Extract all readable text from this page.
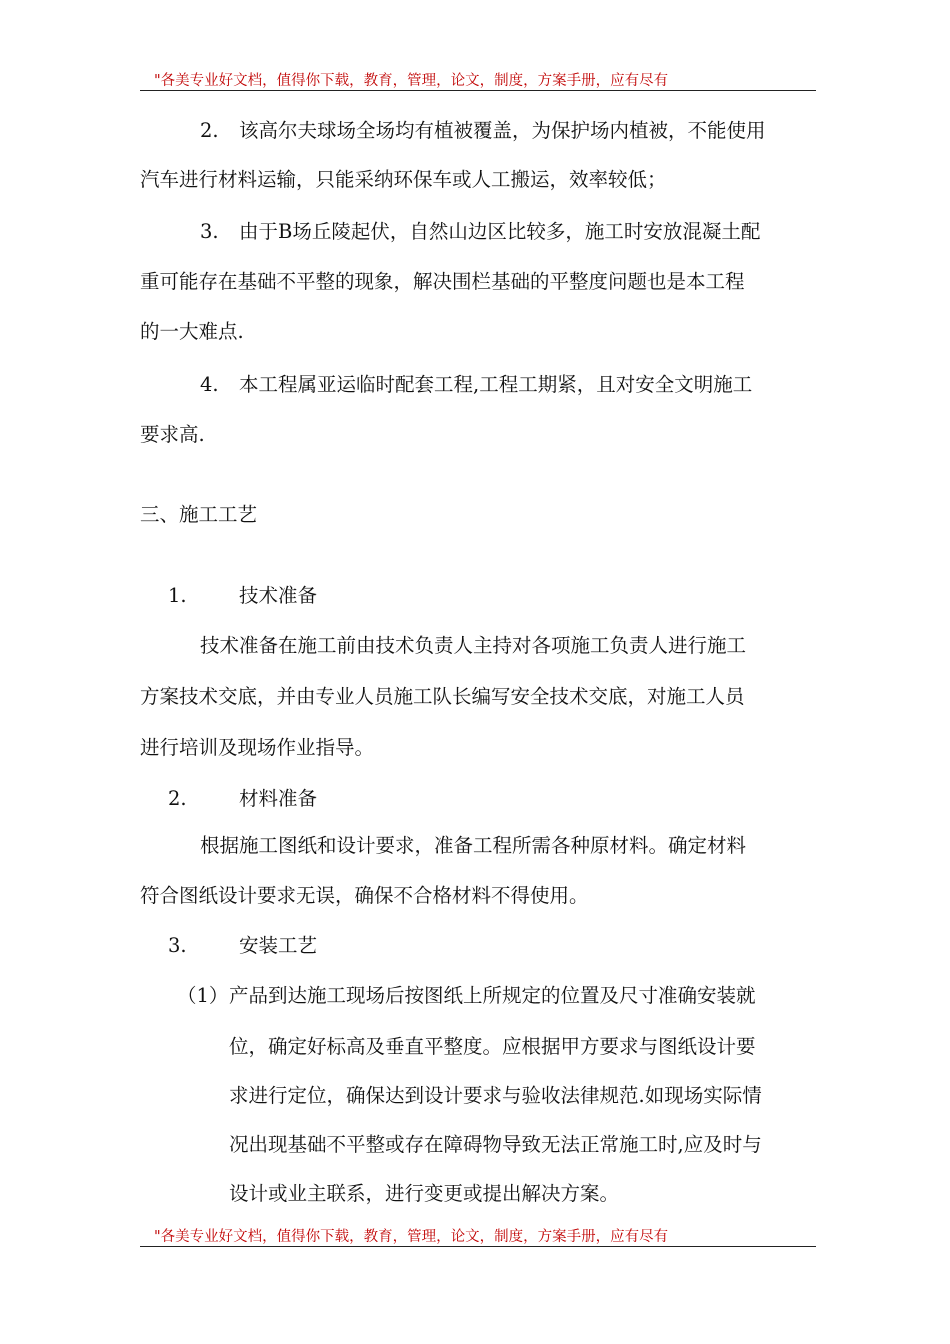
"各美专业好文档，值得你下载，教育，管理，论文，制度，方案手册，应有尽有
2. 该高尔夫球场全场均有植被覆盖，为保护场内植被，不能使用
汽车进行材料运输，只能采纳环保车或人工搬运，效率较低；
3. 由于B场丘陵起伏，自然山边区比较多，施工时安放混凝土配
重可能存在基础不平整的现象，解决围栏基础的平整度问题也是本工程
的一大难点.
4. 本工程属亚运临时配套工程,工程工期紧，且对安全文明施工
要求高.
三、施工工艺
1.	技术准备
技术准备在施工前由技术负责人主持对各项施工负责人进行施工
方案技术交底，并由专业人员施工队长编写安全技术交底，对施工人员
进行培训及现场作业指导。
2.	材料准备
根据施工图纸和设计要求，准备工程所需各种原材料。确定材料
符合图纸设计要求无误，确保不合格材料不得使用。
3.	安装工艺
（1） 产品到达施工现场后按图纸上所规定的位置及尺寸准确安装就
位，确定好标高及垂直平整度。应根据甲方要求与图纸设计要
求进行定位，确保达到设计要求与验收法律规范.如现场实际情
况出现基础不平整或存在障碍物导致无法正常施工时,应及时与
设计或业主联系，进行变更或提出解决方案。
"各美专业好文档，值得你下载，教育，管理，论文，制度，方案手册，应有尽有
